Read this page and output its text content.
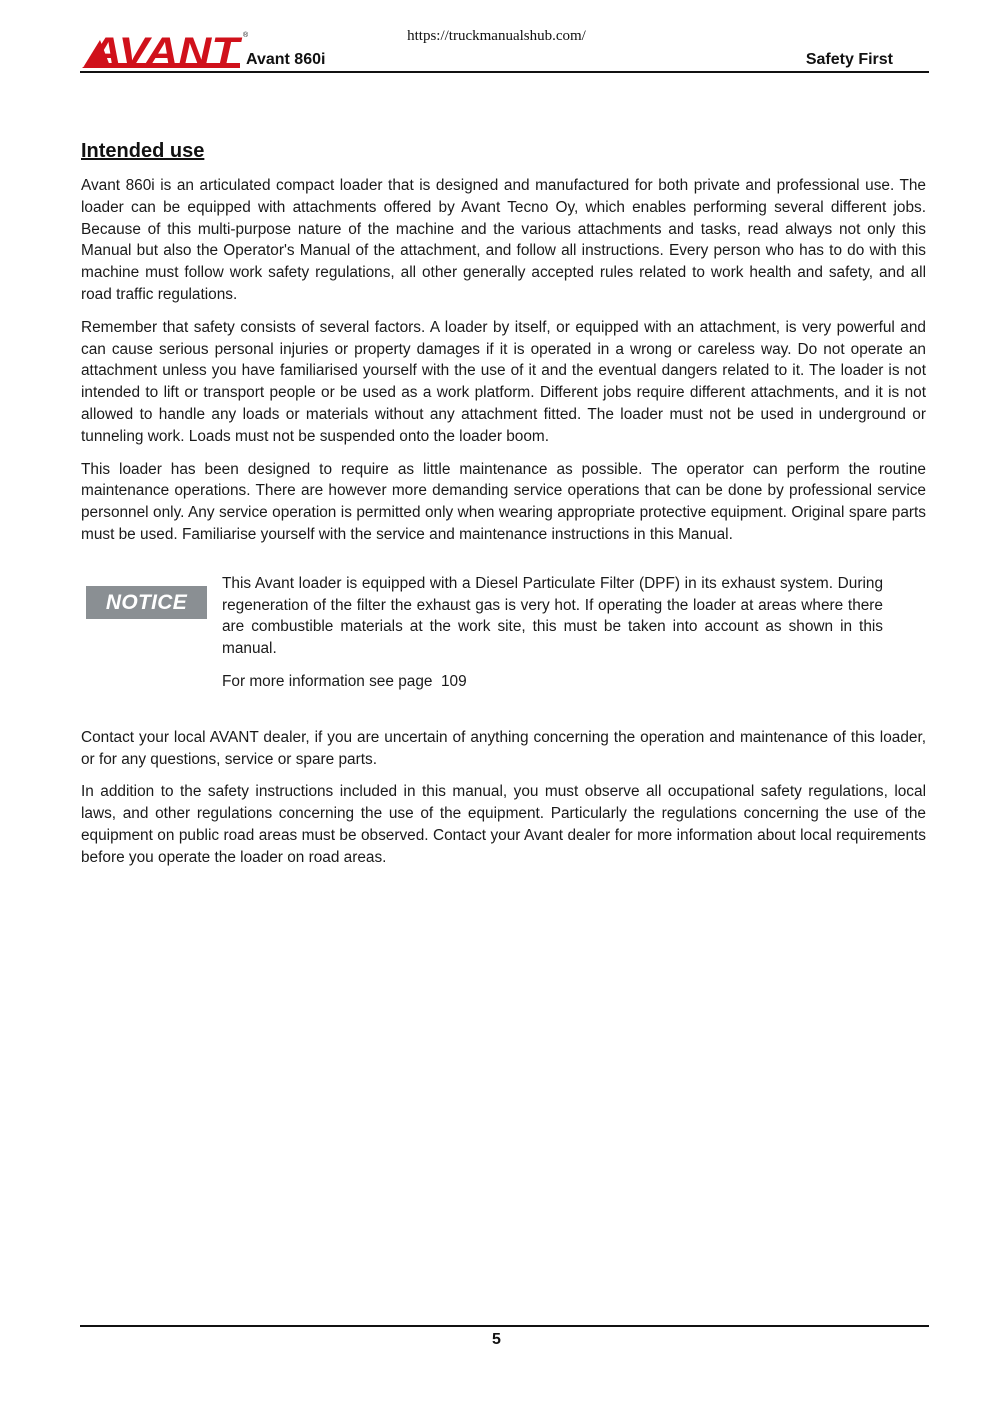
https://truckmanualshub.com/
AVANT ®
Avant 860i	Safety First
Intended use

Avant 860i is an articulated compact loader that is designed and manufactured for both private and professional use. The loader can be equipped with attachments offered by Avant Tecno Oy, which enables performing several different jobs. Because of this multi-purpose nature of the machine and the various attachments and tasks, read always not only this Manual but also the Operator's Manual of the attachment, and follow all instructions. Every person who has to do with this machine must follow work safety regulations, all other generally accepted rules related to work health and safety, and all road traffic regulations.

Remember that safety consists of several factors. A loader by itself, or equipped with an attachment, is very powerful and can cause serious personal injuries or property damages if it is operated in a wrong or careless way. Do not operate an attachment unless you have familiarised yourself with the use of it and the eventual dangers related to it. The loader is not intended to lift or transport people or be used as a work platform. Different jobs require different attachments, and it is not allowed to handle any loads or materials without any attachment fitted. The loader must not be used in underground or tunneling work. Loads must not be suspended onto the loader boom.

This loader has been designed to require as little maintenance as possible. The operator can perform the routine maintenance operations. There are however more demanding service operations that can be done by professional service personnel only. Any service operation is permitted only when wearing appropriate protective equipment. Original spare parts must be used. Familiarise yourself with the service and maintenance instructions in this Manual.

NOTICE

This Avant loader is equipped with a Diesel Particulate Filter (DPF) in its exhaust system. During regeneration of the filter the exhaust gas is very hot. If operating the loader at areas where there are combustible materials at the work site, this must be taken into account as shown in this manual.

For more information see page  109

Contact your local AVANT dealer, if you are uncertain of anything concerning the operation and maintenance of this loader, or for any questions, service or spare parts.

In addition to the safety instructions included in this manual, you must observe all occupational safety regulations, local laws, and other regulations concerning the use of the equipment. Particularly the regulations concerning the use of the equipment on public road areas must be observed. Contact your Avant dealer for more information about local requirements before you operate the loader on road areas.

5
